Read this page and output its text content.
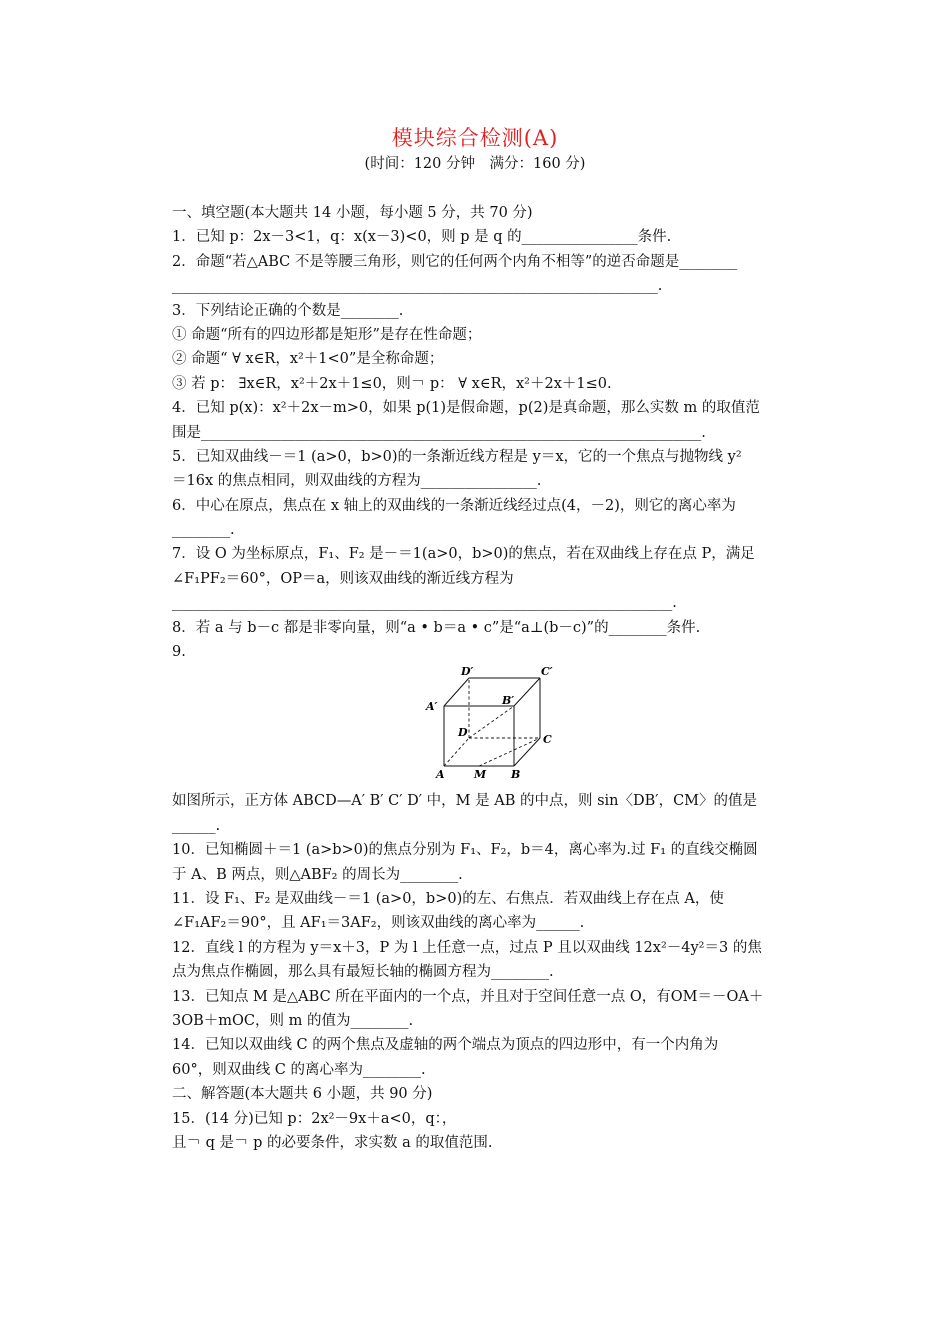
模块综合检测(A)
(时间：120 分钟　满分：160 分)
一、填空题(本大题共 14 小题，每小题 5 分，共 70 分)
1．已知 p：2x－3<1，q：x(x－3)<0，则 p 是 q 的________________条件.
2．命题“若△ABC 不是等腰三角形，则它的任何两个内角不相等”的逆否命题是________
___________________________________________________________________.
3．下列结论正确的个数是________.
① 命题“所有的四边形都是矩形”是存在性命题；
② 命题“ ∀ x∈R，x²＋1<0”是全称命题；
③ 若 p： ∃x∈R，x²＋2x＋1≤0，则￢ p： ∀ x∈R，x²＋2x＋1≤0.
4．已知 p(x)：x²＋2x－m>0，如果 p(1)是假命题，p(2)是真命题，那么实数 m 的取值范
围是_____________________________________________________________________.
5．已知双曲线－＝1 (a>0，b>0)的一条渐近线方程是 y＝x，它的一个焦点与抛物线 y²
＝16x 的焦点相同，则双曲线的方程为________________.
6．中心在原点，焦点在 x 轴上的双曲线的一条渐近线经过点(4，－2)，则它的离心率为
________.
7．设 O 为坐标原点，F₁、F₂ 是－＝1(a>0，b>0)的焦点，若在双曲线上存在点 P，满足
∠F₁PF₂＝60°，OP＝a，则该双曲线的渐近线方程为
_____________________________________________________________________.
8．若 a 与 b－c 都是非零向量，则“a • b＝a • c”是“a⊥(b－c)”的________条件.
9.
D′	C′
A′	B′
D
C
A	M B
如图所示，正方体 ABCD—A′ B′ C′ D′ 中，M 是 AB 的中点，则 sin〈DB′，CM〉的值是
______.
10．已知椭圆＋＝1 (a>b>0)的焦点分别为 F₁、F₂，b＝4，离心率为.过 F₁ 的直线交椭圆
于 A、B 两点，则△ABF₂ 的周长为________.
11．设 F₁、F₂ 是双曲线－＝1 (a>0，b>0)的左、右焦点．若双曲线上存在点 A，使
∠F₁AF₂＝90°，且 AF₁＝3AF₂，则该双曲线的离心率为______.
12．直线 l 的方程为 y＝x＋3，P 为 l 上任意一点，过点 P 且以双曲线 12x²－4y²＝3 的焦
点为焦点作椭圆，那么具有最短长轴的椭圆方程为________.
13．已知点 M 是△ABC 所在平面内的一个点，并且对于空间任意一点 O，有OM＝－OA＋
3OB＋mOC，则 m 的值为________.
14．已知以双曲线 C 的两个焦点及虚轴的两个端点为顶点的四边形中，有一个内角为
60°，则双曲线 C 的离心率为________.
二、解答题(本大题共 6 小题，共 90 分)
15．(14 分)已知 p：2x²－9x＋a<0，q：，
且￢ q 是￢ p 的必要条件，求实数 a 的取值范围.
